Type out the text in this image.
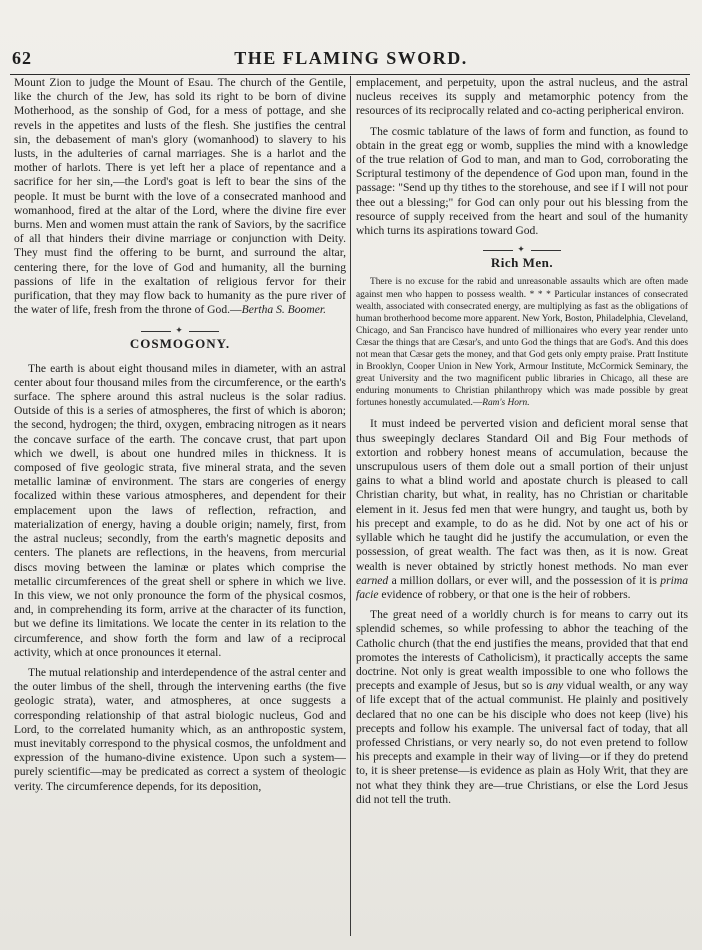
62	THE FLAMING SWORD.

Mount Zion to judge the Mount of Esau. The church of the Gentile, like the church of the Jew, has sold its right to be born of divine Motherhood, as the sonship of God, for a mess of pottage, and she revels in the appetites and lusts of the flesh. She justifies the central sin, the debasement of man's glory (womanhood) to slavery to his lusts, in the adulteries of carnal marriages. She is a harlot and the mother of harlots. There is yet left her a place of repentance and a sacrifice for her sin,—the Lord's goat is left to bear the sins of the people. It must be burnt with the love of a consecrated manhood and womanhood, fired at the altar of the Lord, where the divine fire ever burns. Men and women must attain the rank of Saviors, by the sacrifice of all that hinders their divine marriage or conjunction with Deity. They must find the offering to be burnt, and surround the altar, centering there, for the love of God and humanity, all the burning passions of life in the exaltation of religious fervor for their purification, that they may flow back to humanity as the pure river of the water of life, fresh from the throne of God.—Bertha S. Boomer.

✦

COSMOGONY.

The earth is about eight thousand miles in diameter, with an astral center about four thousand miles from the circumference, or the earth's surface. The sphere around this astral nucleus is the solar radius. Outside of this is a series of atmospheres, the first of which is aboron; the second, hydrogen; the third, oxygen, embracing nitrogen as it nears the concave surface of the earth. The concave crust, that part upon which we dwell, is about one hundred miles in thickness. It is composed of five geologic strata, five mineral strata, and the seven metallic laminæ of environment. The stars are congeries of energy focalized within these various atmospheres, and dependent for their emplacement upon the laws of reflection, refraction, and materialization of energy, having a double origin; namely, first, from the astral nucleus; secondly, from the earth's magnetic deposits and centers. The planets are reflections, in the heavens, from mercurial discs moving between the laminæ or plates which comprise the metallic circumferences of the great shell or sphere in which we live. In this view, we not only pronounce the form of the physical cosmos, and, in comprehending its form, arrive at the character of its function, but we define its limitations. We locate the center in its relation to the circumference, and show forth the form and law of a reciprocal activity, which at once pronounces it eternal.

The mutual relationship and interdependence of the astral center and the outer limbus of the shell, through the intervening earths (the five geologic strata), water, and atmospheres, at once suggests a corresponding relationship of that astral biologic nucleus, God and Lord, to the correlated humanity which, as an anthropostic system, must inevitably correspond to the physical cosmos, the unfoldment and expression of the humano-divine existence. Upon such a system—purely scientific—may be predicated as correct a system of theologic verity. The circumference depends, for its deposition,

emplacement, and perpetuity, upon the astral nucleus, and the astral nucleus receives its supply and metamorphic potency from the resources of its reciprocally related and co-acting peripherical environ.

The cosmic tablature of the laws of form and function, as found to obtain in the great egg or womb, supplies the mind with a knowledge of the true relation of God to man, and man to God, corroborating the Scriptural testimony of the dependence of God upon man, found in the passage: "Send up thy tithes to the storehouse, and see if I will not pour thee out a blessing;" for God can only pour out his blessing from the resource of supply received from the heart and soul of the humanity which turns its aspirations toward God.

✦

Rich Men.

There is no excuse for the rabid and unreasonable assaults which are often made against men who happen to possess wealth. * * * Particular instances of consecrated wealth, associated with consecrated energy, are multiplying as fast as the obligations of human brotherhood become more apparent. New York, Boston, Philadelphia, Cleveland, Chicago, and San Francisco have hundred of millionaires who every year render unto Cæsar the things that are Cæsar's, and unto God the things that are God's. And this does not mean that Cæsar gets the money, and that God gets only empty praise. Pratt Institute in Brooklyn, Cooper Union in New York, Armour Institute, McCormick Seminary, the great University and the two magnificent public libraries in Chicago, all these are enduring monuments to Christian philanthropy which was made possible by great fortunes honestly accumulated.—Ram's Horn.

It must indeed be perverted vision and deficient moral sense that thus sweepingly declares Standard Oil and Big Four methods of extortion and robbery honest means of accumulation, because the unscrupulous users of them dole out a small portion of their unjust gains to what a blind world and apostate church is pleased to call Christian charity, but what, in reality, has no Christian or charitable element in it. Jesus fed men that were hungry, and taught us, both by his precept and example, to do as he did. Not by one act of his or syllable which he taught did he justify the accumulation, or even the possession, of great wealth. The fact was then, as it is now. Great wealth is never obtained by strictly honest methods. No man ever earned a million dollars, or ever will, and the possession of it is prima facie evidence of robbery, or that one is the heir of robbers.

The great need of a worldly church is for means to carry out its splendid schemes, so while professing to abhor the teaching of the Catholic church (that the end justifies the means, provided that that end promotes the interests of Catholicism), it practically accepts the same doctrine. Not only is great wealth impossible to one who follows the precepts and example of Jesus, but so is any vidual wealth, or any way of life except that of the actual communist. He plainly and positively declared that no one can be his disciple who does not keep (live) his precepts and follow his example. The universal fact of today, that all professed Christians, or very nearly so, do not even pretend to follow his precepts and example in their way of living—or if they do pretend to, it is sheer pretense—is evidence as plain as Holy Writ, that they are not what they think they are—true Christians, or else the Lord Jesus did not tell the truth.
